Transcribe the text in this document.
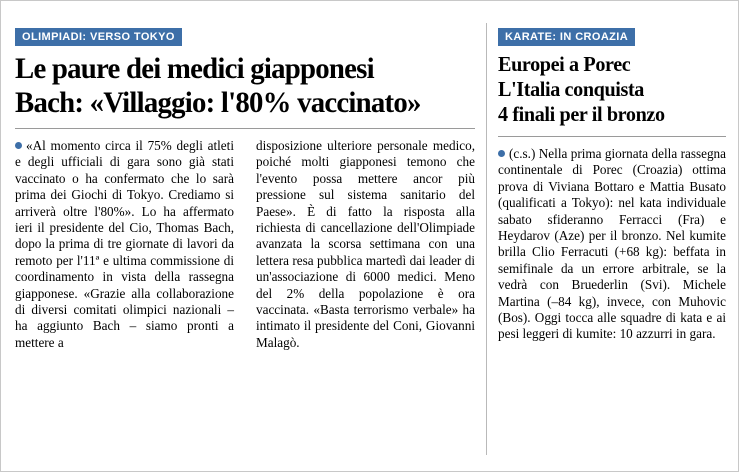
OLIMPIADI: VERSO TOKYO
Le paure dei medici giapponesi
Bach: «Villaggio: l'80% vaccinato»

«Al momento circa il 75% degli atleti e degli ufficiali di gara sono già stati vaccinato o ha confermato che lo sarà prima dei Giochi di Tokyo. Crediamo si arriverà oltre l'80%». Lo ha affermato ieri il presidente del Cio, Thomas Bach, dopo la prima di tre giornate di lavori da remoto per l'11ª e ultima commissione di coordinamento in vista della rassegna giapponese. «Grazie alla collaborazione di diversi comitati olimpici nazionali – ha aggiunto Bach – siamo pronti a mettere a

disposizione ulteriore personale medico, poiché molti giapponesi temono che l'evento possa mettere ancor più pressione sul sistema sanitario del Paese». È di fatto la risposta alla richiesta di cancellazione dell'Olimpiade avanzata la scorsa settimana con una lettera resa pubblica martedì dai leader di un'associazione di 6000 medici. Meno del 2% della popolazione è ora vaccinata. «Basta terrorismo verbale» ha intimato il presidente del Coni, Giovanni Malagò.

KARATE: IN CROAZIA
Europei a Porec
L'Italia conquista
4 finali per il bronzo

(c.s.) Nella prima giornata della rassegna continentale di Porec (Croazia) ottima prova di Viviana Bottaro e Mattia Busato (qualificati a Tokyo): nel kata individuale sabato sfideranno Ferracci (Fra) e Heydarov (Aze) per il bronzo. Nel kumite brilla Clio Ferracuti (+68 kg): beffata in semifinale da un errore arbitrale, se la vedrà con Bruederlin (Svi). Michele Martina (–84 kg), invece, con Muhovic (Bos). Oggi tocca alle squadre di kata e ai pesi leggeri di kumite: 10 azzurri in gara.
